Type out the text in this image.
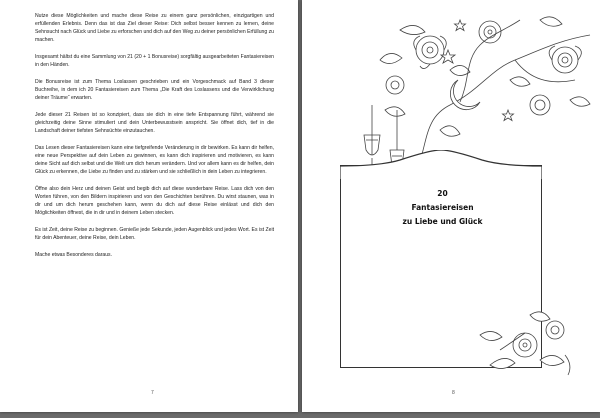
Nutze diese Möglichkeiten und mache diese Reise zu einem ganz persönlichen, einzigartigen und erfüllenden Erlebnis. Denn das ist das Ziel dieser Reise: Dich selbst besser kennen zu lernen, deine Sehnsucht nach Glück und Liebe zu erforschen und dich auf den Weg zu deiner persönlichen Erfüllung zu machen.

Insgesamt hältst du eine Sammlung von 21 (20 + 1 Bonusreise) sorgfältig ausgearbeiteten Fantasiereisen in den Händen.

Die Bonusreise ist zum Thema Loslassen geschrieben und ein Vorgeschmack auf Band 3 dieser Buchreihe, in dem ich 20 Fantasiereisen zum Thema „Die Kraft des Loslassens und die Verwirklichung deiner Träume“ erwarten.

Jede dieser 21 Reisen ist so konzipiert, dass sie dich in eine tiefe Entspannung führt, während sie gleichzeitig deine Sinne stimuliert und dein Unterbewusstsein anspricht. Sie öffnet dich, tief in die Landschaft deiner tiefsten Sehnsüchte einzutauchen.

Das Lesen dieser Fantasiereisen kann eine tiefgreifende Veränderung in dir bewirken. Es kann dir helfen, eine neue Perspektive auf dein Leben zu gewinnen, es kann dich inspirieren und motivieren, es kann deine Sicht auf dich selbst und die Welt um dich herum verändern. Und vor allem kann es dir helfen, dein Glück zu erkennen, die Liebe zu finden und zu stärken und sie schließlich in dein Leben zu integrieren.

Öffne also dein Herz und deinen Geist und begib dich auf diese wunderbare Reise. Lass dich von den Worten führen, von den Bildern inspirieren und von den Geschichten berühren. Du wirst staunen, was in dir und um dich herum geschehen kann, wenn du dich auf diese Reise einlässt und dich den Möglichkeiten öffnest, die in dir und in deinem Leben stecken.

Es ist Zeit, deine Reise zu beginnen. Genieße jede Sekunde, jeden Augenblick und jedes Wort. Es ist Zeit für dein Abenteuer, deine Reise, dein Leben.

Mache etwas Besonderes daraus.

7	8
20
Fantasiereisen
zu Liebe und Glück
